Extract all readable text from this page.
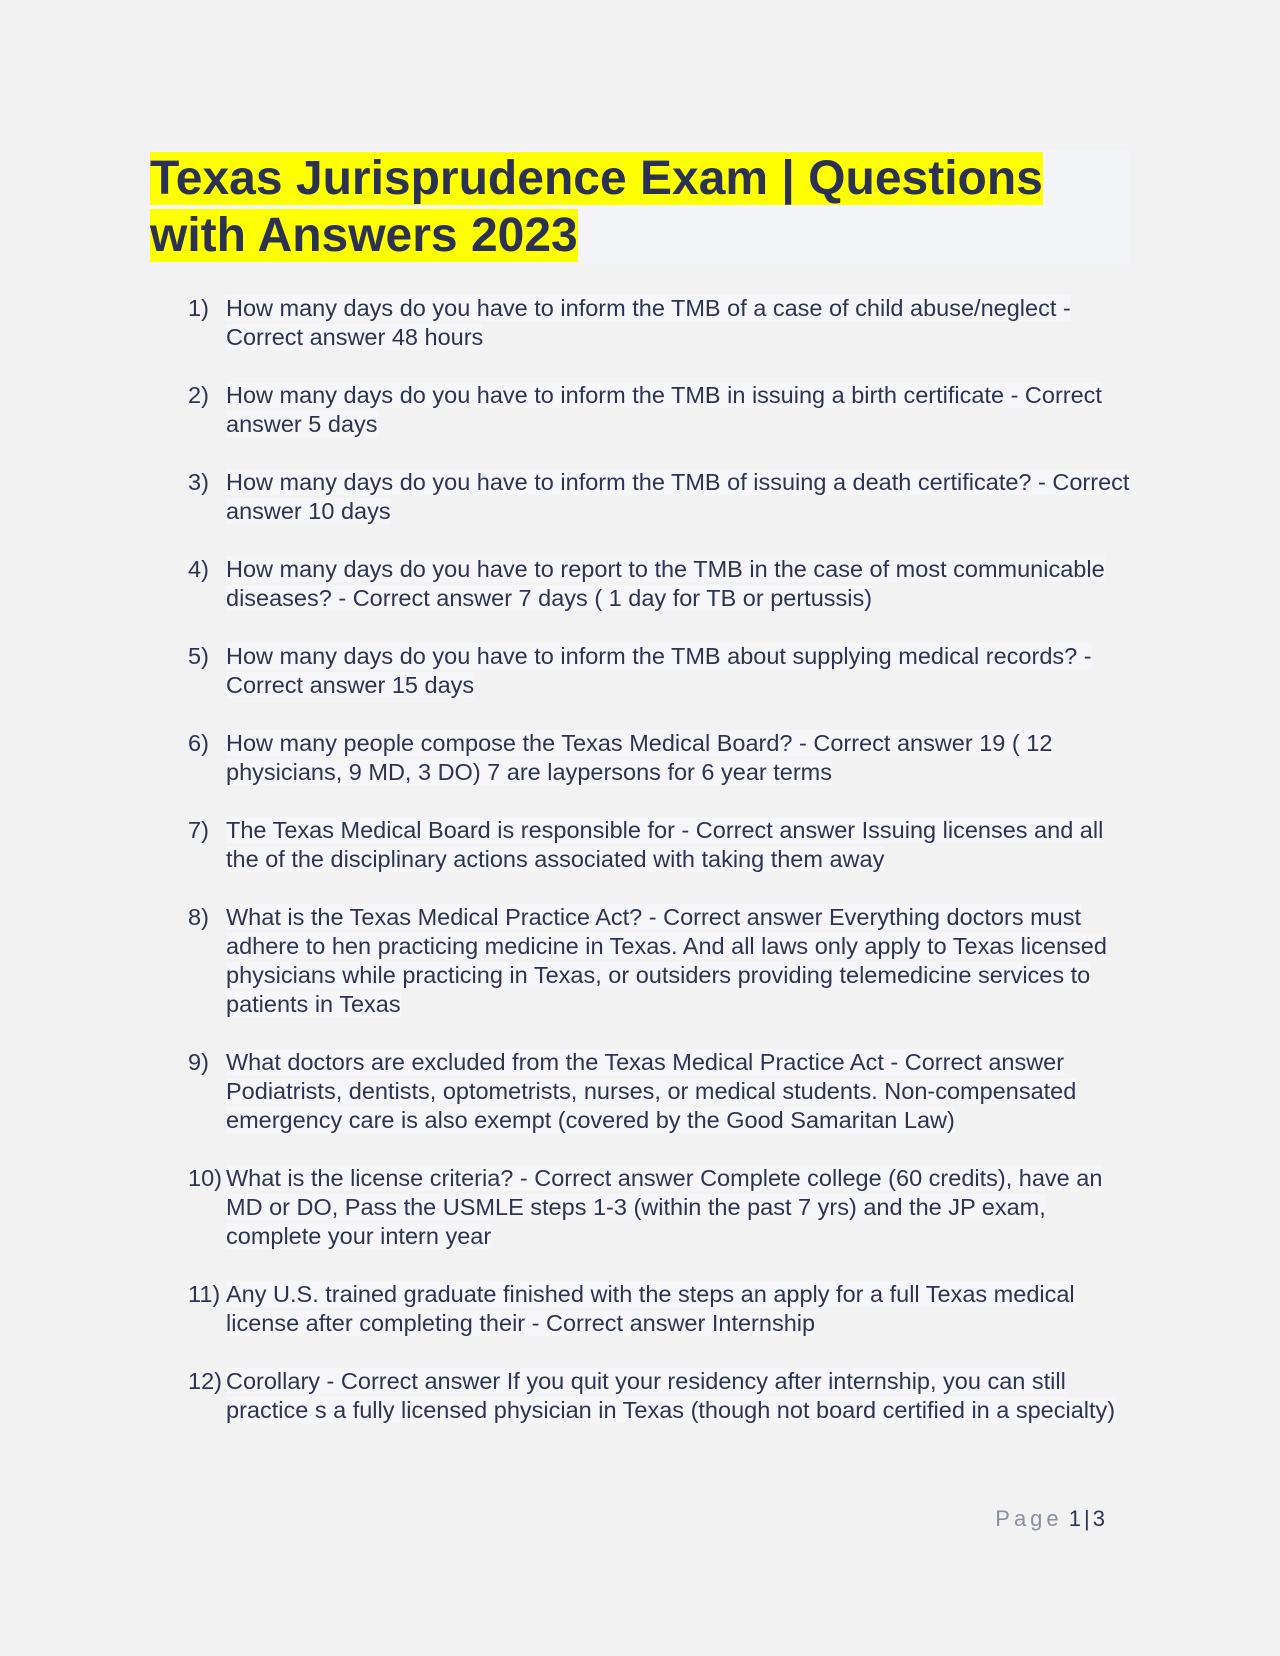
Texas Jurisprudence Exam | Questions with Answers 2023
1) How many days do you have to inform the TMB of a case of child abuse/neglect - Correct answer 48 hours
2) How many days do you have to inform the TMB in issuing a birth certificate - Correct answer 5 days
3) How many days do you have to inform the TMB of issuing a death certificate? - Correct answer 10 days
4) How many days do you have to report to the TMB in the case of most communicable diseases? - Correct answer 7 days ( 1 day for TB or pertussis)
5) How many days do you have to inform the TMB about supplying medical records? - Correct answer 15 days
6) How many people compose the Texas Medical Board? - Correct answer 19 ( 12 physicians, 9 MD, 3 DO) 7 are laypersons for 6 year terms
7) The Texas Medical Board is responsible for - Correct answer Issuing licenses and all the of the disciplinary actions associated with taking them away
8) What is the Texas Medical Practice Act? - Correct answer Everything doctors must adhere to hen practicing medicine in Texas. And all laws only apply to Texas licensed physicians while practicing in Texas, or outsiders providing telemedicine services to patients in Texas
9) What doctors are excluded from the Texas Medical Practice Act - Correct answer Podiatrists, dentists, optometrists, nurses, or medical students. Non-compensated emergency care is also exempt (covered by the Good Samaritan Law)
10) What is the license criteria? - Correct answer Complete college (60 credits), have an MD or DO, Pass the USMLE steps 1-3 (within the past 7 yrs) and the JP exam, complete your intern year
11) Any U.S. trained graduate finished with the steps an apply for a full Texas medical license after completing their - Correct answer Internship
12) Corollary - Correct answer If you quit your residency after internship, you can still practice s a fully licensed physician in Texas (though not board certified in a specialty)
Page 1 | 3
